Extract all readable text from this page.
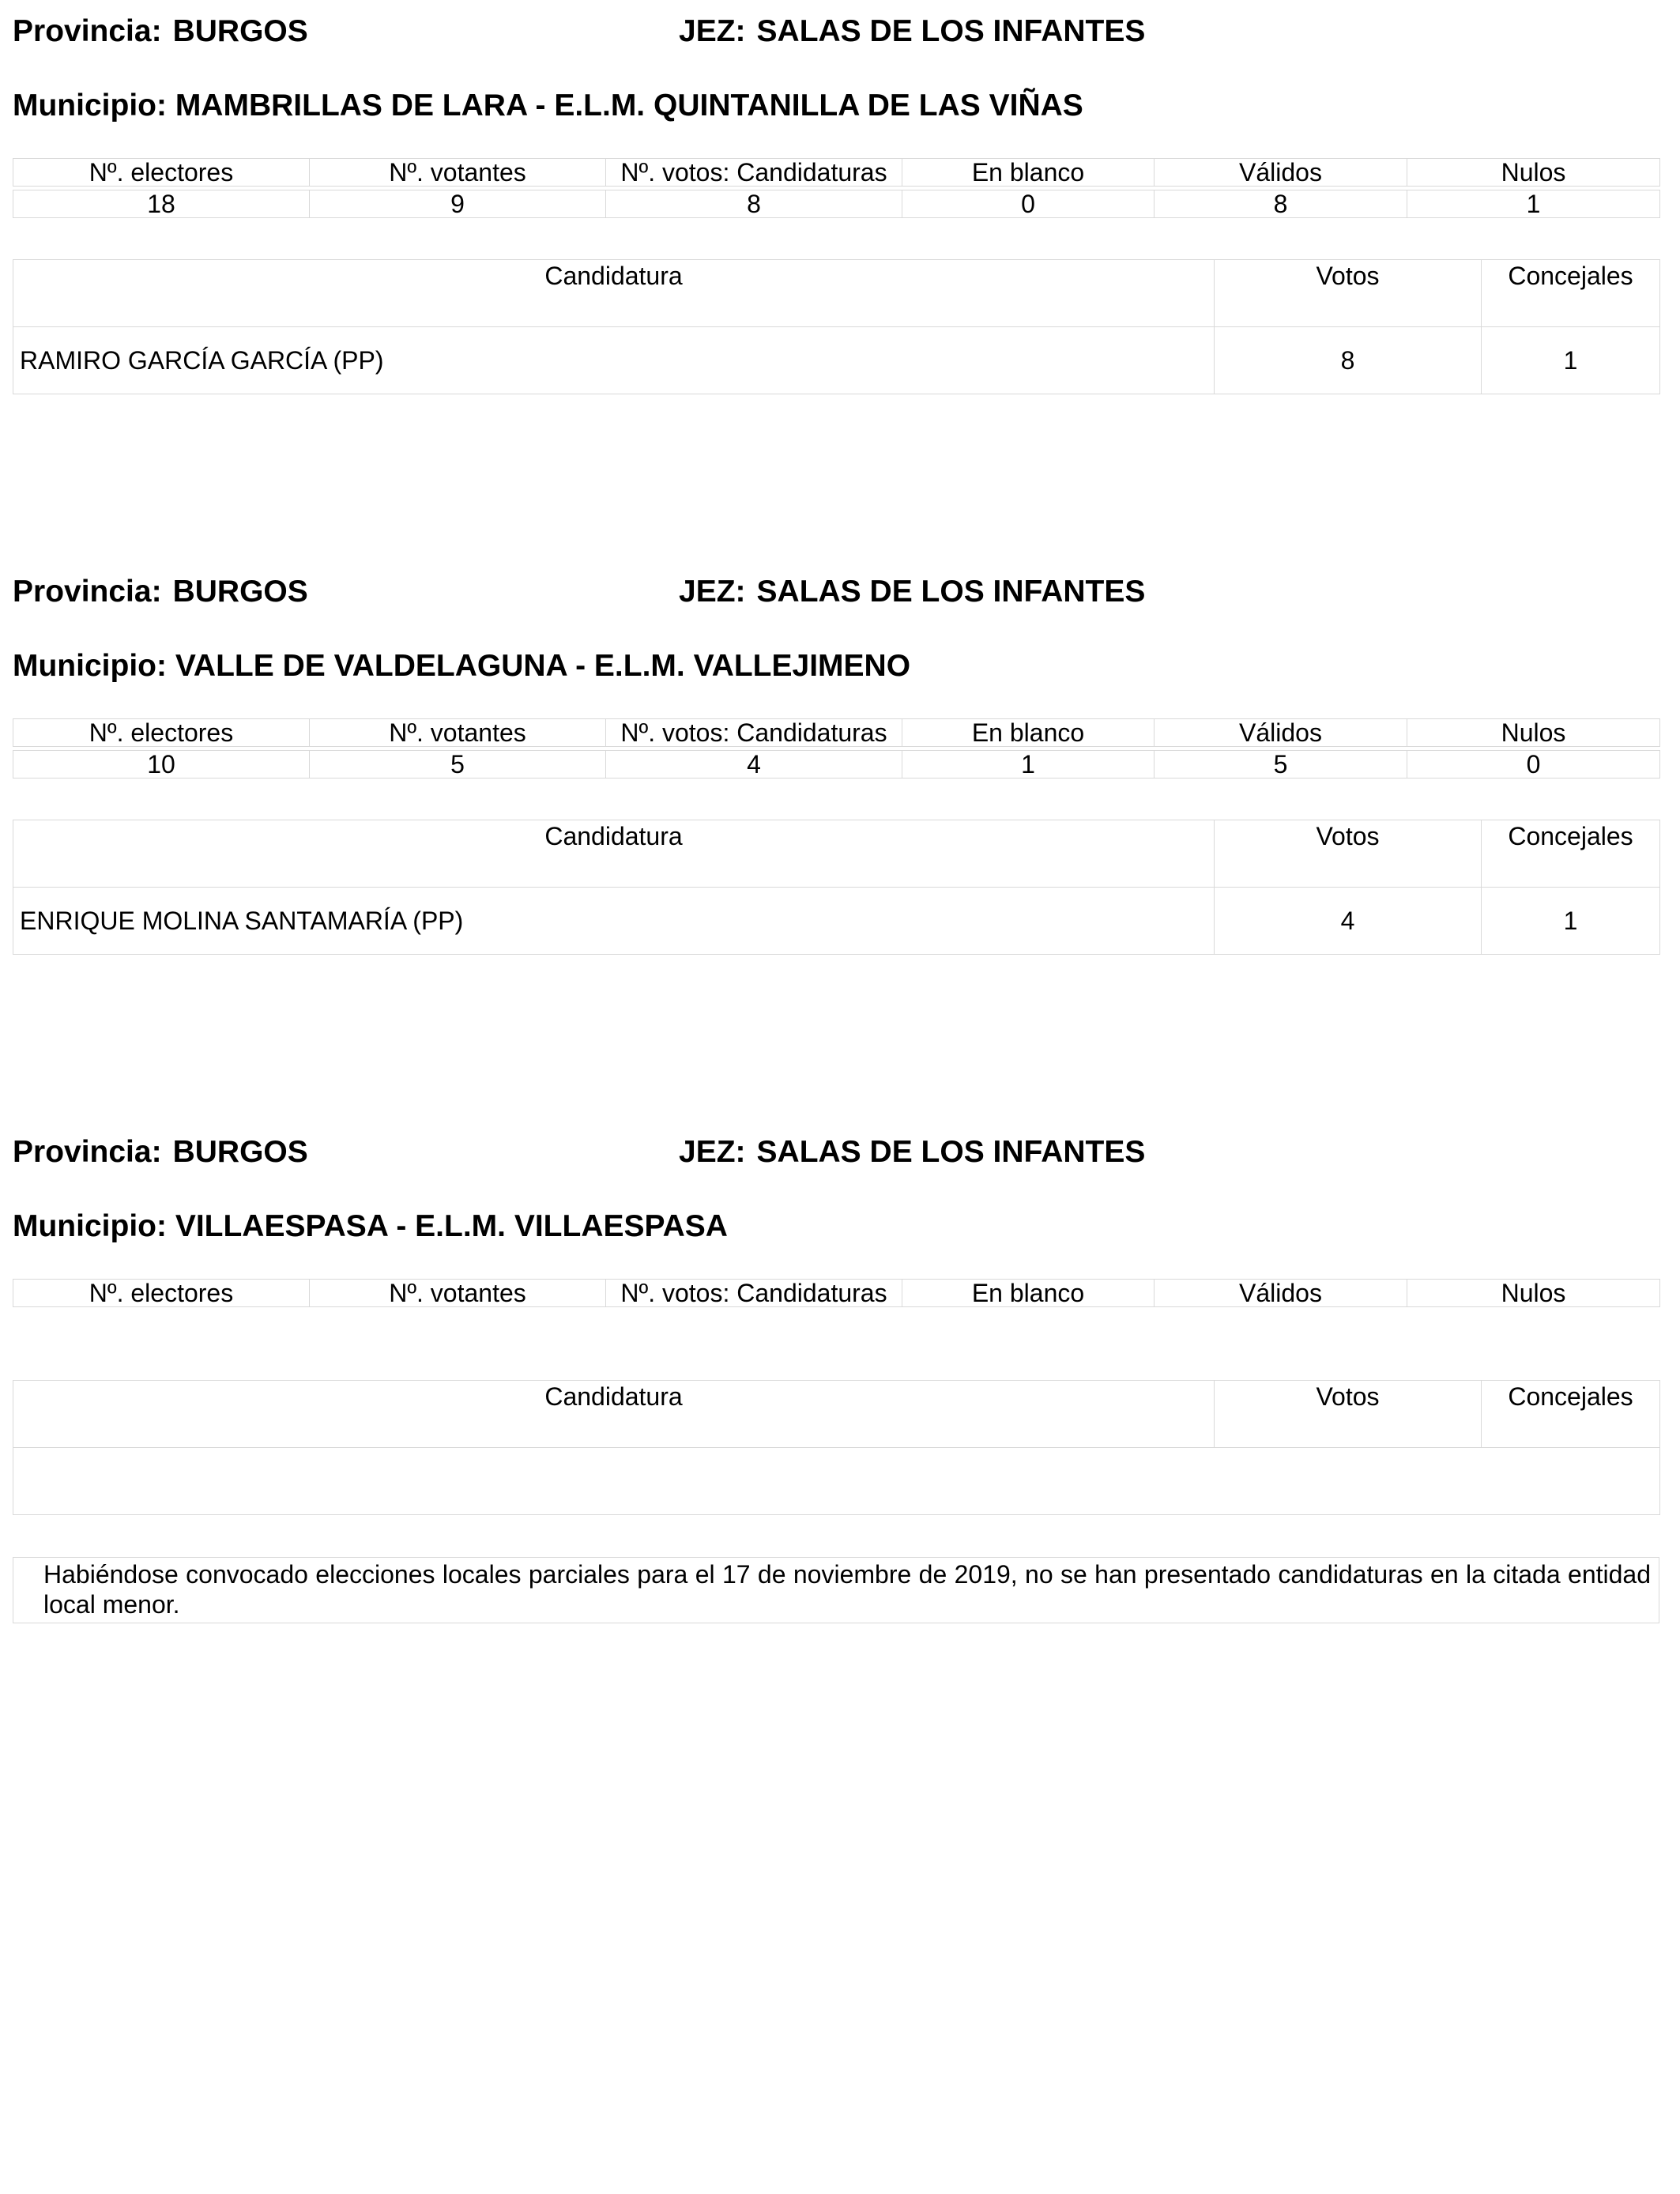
Provincia: BURGOS	JEZ: SALAS DE LOS INFANTES
Municipio: MAMBRILLAS DE LARA - E.L.M. QUINTANILLA DE LAS VIÑAS
Nº. electores	Nº. votantes	Nº. votos: Candidaturas	En blanco	Válidos	Nulos

18	9	8	0	8	1
Candidatura	Votos	Concejales
RAMIRO GARCÍA GARCÍA (PP)	8	1
Provincia: BURGOS	JEZ: SALAS DE LOS INFANTES
Municipio: VALLE DE VALDELAGUNA - E.L.M. VALLEJIMENO
Nº. electores	Nº. votantes	Nº. votos: Candidaturas	En blanco	Válidos	Nulos

10	5	4	1	5	0
Candidatura	Votos	Concejales
ENRIQUE MOLINA SANTAMARÍA (PP)	4	1
Provincia: BURGOS	JEZ: SALAS DE LOS INFANTES
Municipio: VILLAESPASA - E.L.M. VILLAESPASA
Nº. electores	Nº. votantes	Nº. votos: Candidaturas	En blanco	Válidos	Nulos
Candidatura	Votos	Concejales

Habiéndose convocado elecciones locales parciales para el 17 de noviembre de 2019, no se han presentado candidaturas en la citada entidad local menor.
